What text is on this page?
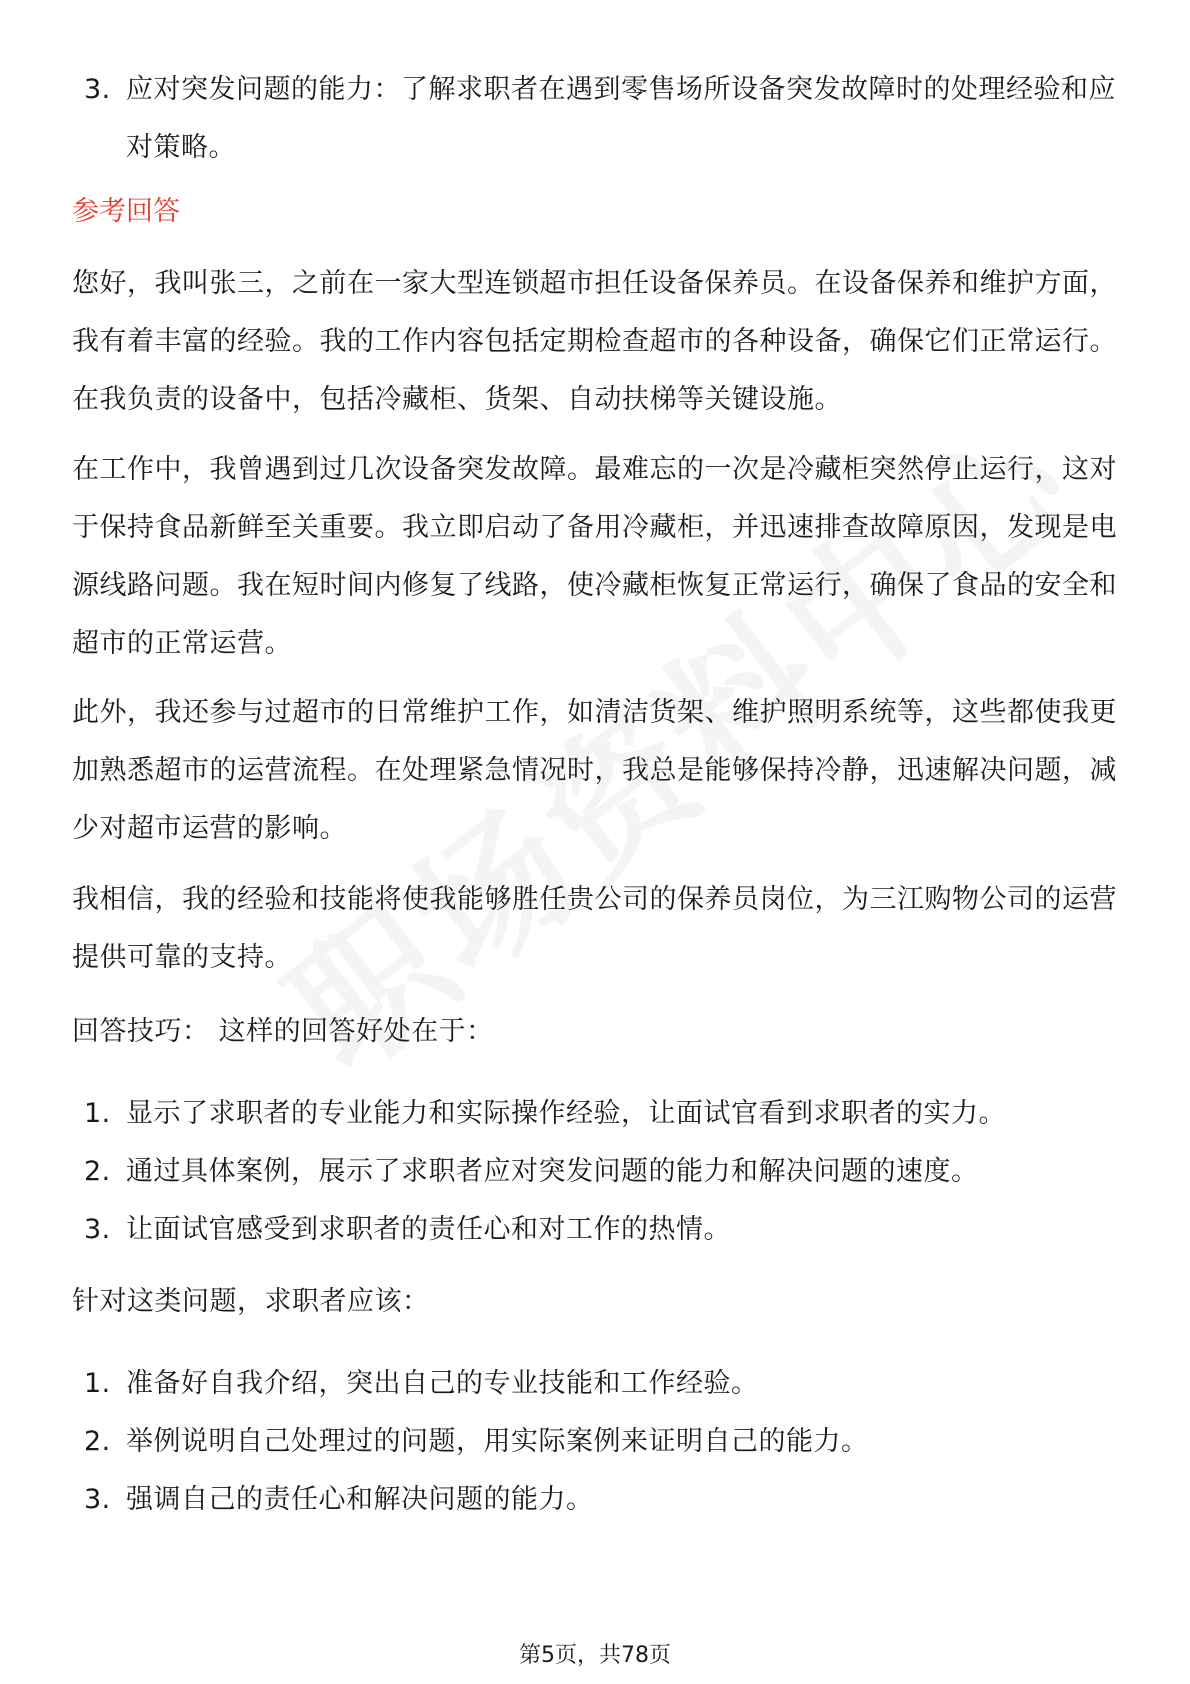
3. 应对突发问题的能力：了解求职者在遇到零售场所设备突发故障时的处理经验和应对策略。

参考回答

您好，我叫张三，之前在一家大型连锁超市担任设备保养员。在设备保养和维护方面，我有着丰富的经验。我的工作内容包括定期检查超市的各种设备，确保它们正常运行。在我负责的设备中，包括冷藏柜、货架、自动扶梯等关键设施。

在工作中，我曾遇到过几次设备突发故障。最难忘的一次是冷藏柜突然停止运行，这对于保持食品新鲜至关重要。我立即启动了备用冷藏柜，并迅速排查故障原因，发现是电源线路问题。我在短时间内修复了线路，使冷藏柜恢复正常运行，确保了食品的安全和超市的正常运营。

此外，我还参与过超市的日常维护工作，如清洁货架、维护照明系统等，这些都使我更加熟悉超市的运营流程。在处理紧急情况时，我总是能够保持冷静，迅速解决问题，减少对超市运营的影响。

我相信，我的经验和技能将使我能够胜任贵公司的保养员岗位，为三江购物公司的运营提供可靠的支持。

回答技巧： 这样的回答好处在于：

1. 显示了求职者的专业能力和实际操作经验，让面试官看到求职者的实力。
2. 通过具体案例，展示了求职者应对突发问题的能力和解决问题的速度。
3. 让面试官感受到求职者的责任心和对工作的热情。

针对这类问题，求职者应该：

1. 准备好自我介绍，突出自己的专业技能和工作经验。
2. 举例说明自己处理过的问题，用实际案例来证明自己的能力。
3. 强调自己的责任心和解决问题的能力。
第5页，共78页
